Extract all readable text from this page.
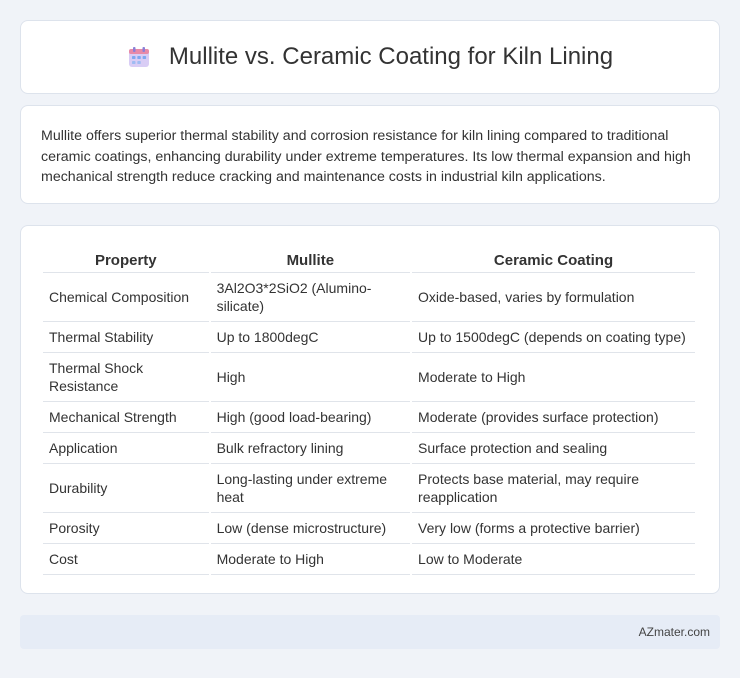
Mullite vs. Ceramic Coating for Kiln Lining

Mullite offers superior thermal stability and corrosion resistance for kiln lining compared to traditional ceramic coatings, enhancing durability under extreme temperatures. Its low thermal expansion and high mechanical strength reduce cracking and maintenance costs in industrial kiln applications.

Property	Mullite	Ceramic Coating
Chemical Composition	3Al2O3*2SiO2 (Alumino-silicate)	Oxide-based, varies by formulation
Thermal Stability	Up to 1800degC	Up to 1500degC (depends on coating type)
Thermal Shock Resistance	High	Moderate to High
Mechanical Strength	High (good load-bearing)	Moderate (provides surface protection)
Application	Bulk refractory lining	Surface protection and sealing
Durability	Long-lasting under extreme heat	Protects base material, may require reapplication
Porosity	Low (dense microstructure)	Very low (forms a protective barrier)
Cost	Moderate to High	Low to Moderate
AZmater.com
